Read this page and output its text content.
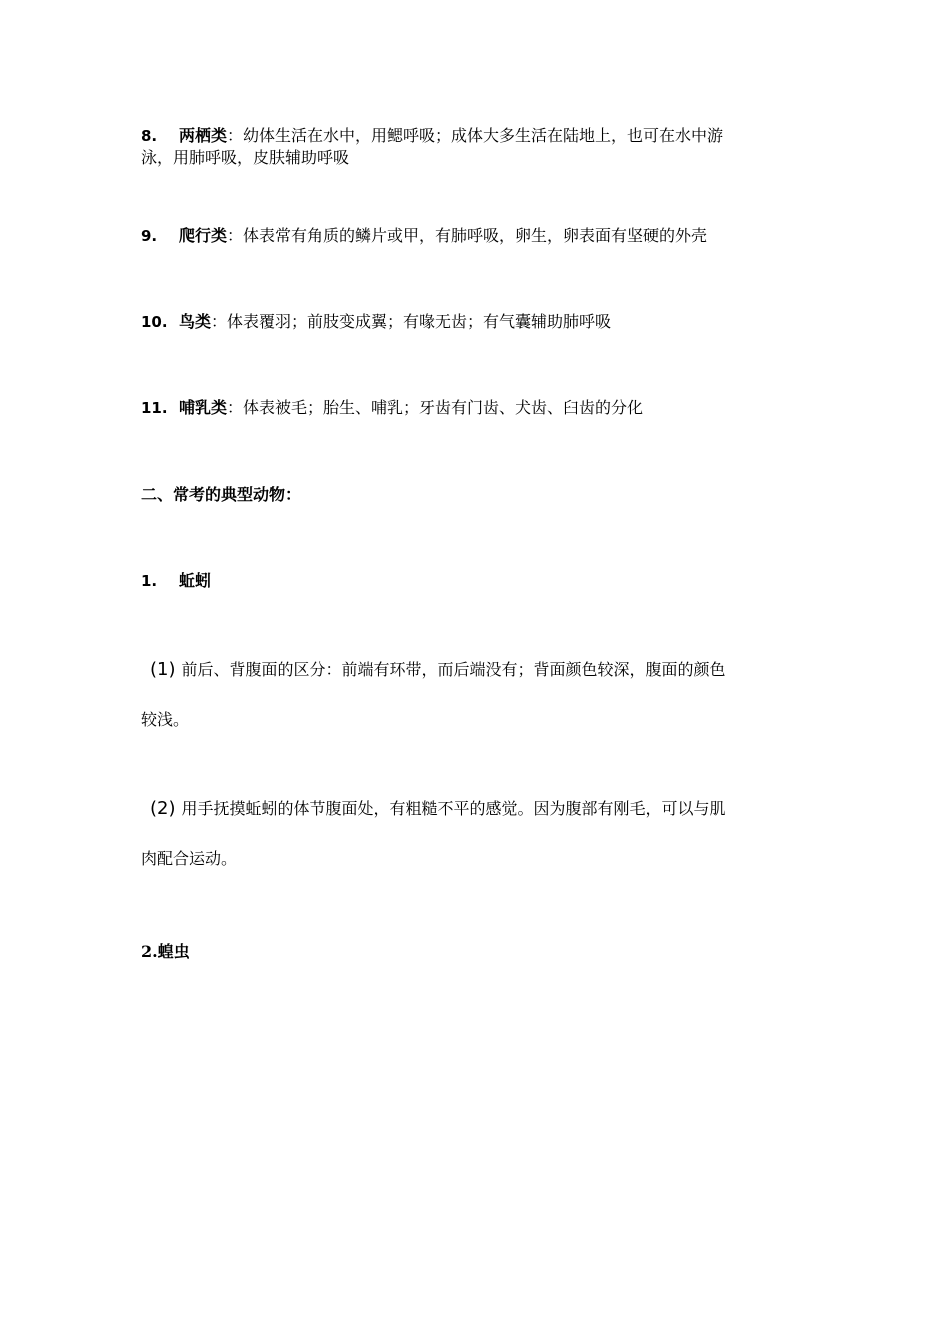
8. 两栖类：幼体生活在水中，用鳃呼吸；成体大多生活在陆地上，也可在水中游
泳，用肺呼吸，皮肤辅助呼吸
9. 爬行类：体表常有角质的鳞片或甲，有肺呼吸，卵生，卵表面有坚硬的外壳
10. 鸟类：体表覆羽；前肢变成翼；有喙无齿；有气囊辅助肺呼吸
11. 哺乳类：体表被毛；胎生、哺乳；牙齿有门齿、犬齿、臼齿的分化
二、常考的典型动物：
1. 蚯蚓
(1) 前后、背腹面的区分：前端有环带，而后端没有；背面颜色较深，腹面的颜色
较浅。
(2) 用手抚摸蚯蚓的体节腹面处，有粗糙不平的感觉。因为腹部有刚毛，可以与肌
肉配合运动。
2.蝗虫
